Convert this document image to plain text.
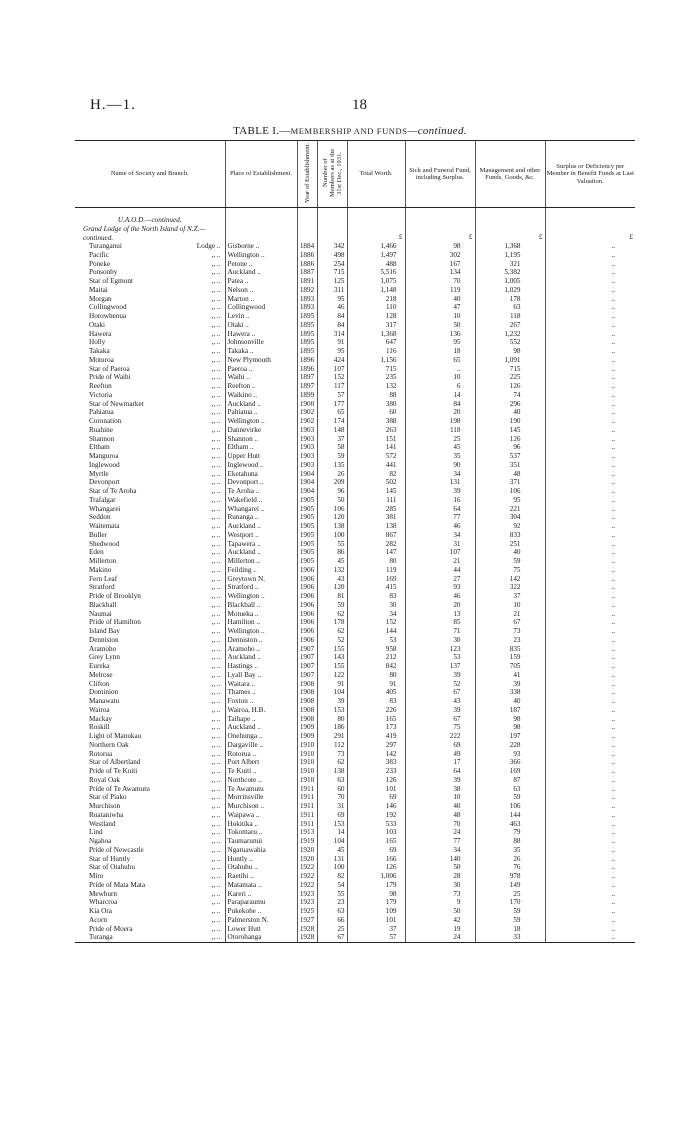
H.—1.	18
TABLE I.—MEMBERSHIP AND FUNDS—continued.
Name of Society and Branch.	Place of Establishment.	Year of Establishment.	Number of Members as at the 31st Dec., 1931.	Total Worth.	Sick and Funeral Fund, including Surplus.	Management and other Funds, Goods, &c.	Surplus or Deficiency per Member in Benefit Funds at Last Valuation.
U.A.O.D.—continued.							
Grand Lodge of the North Island of N.Z.—continued.				£	£	£	£

Turanganui Lodge ..	Gisborne ..	1884	342	1,466	98	1,368	..

Pacific ,, ..	Wellington ..	1886	498	1,497	302	1,195	..

Poneke ,, ..	Petone ..	1886	254	488	167	321	..

Ponsonby ,, ..	Auckland ..	1887	715	5,516	134	5,382	..

Star of Egmont ,, ..	Patea ..	1891	125	1,075	70	1,005	..

Maitai ,, ..	Nelson ..	1892	311	1,148	119	1,029	..

Morgan ,, ..	Marton ..	1893	95	218	40	178	..

Collingwood ,, ..	Collingwood	1893	46	110	47	63	..

Horowhenua ,, ..	Levin ..	1895	84	128	10	118	..

Otaki ,, ..	Otaki ..	1895	84	317	50	267	..

Hawera ,, ..	Hawera ..	1895	314	1,368	136	1,232	..

Holly ,, ..	Johnsonville	1895	91	647	95	552	..

Takaka ,, ..	Takaka ..	1895	95	116	18	98	..

Moturoa ,, ..	New Plymouth	1896	424	1,156	65	1,091	..

Star of Paeroa ,, ..	Paeroa ..	1896	107	715	..	715	..

Pride of Waihi ,, ..	Waihi ..	1897	152	235	10	225	..

Reefton ,, ..	Reefton ..	1897	117	132	6	126	..

Victoria ,, ..	Waikino ..	1899	57	88	14	74	..

Star of Newmarket ,, ..	Auckland ..	1900	177	380	84	296	..

Pahiatua ,, ..	Pahiatua ..	1902	65	60	20	40	..

Coronation ,, ..	Wellington ..	1902	174	388	198	190	..

Ruahine ,, ..	Dannevirke	1903	148	263	118	145	..

Shannon ,, ..	Shannon ..	1903	37	151	25	126	..

Eltham ,, ..	Eltham ..	1903	58	141	45	96	..

Manguroa ,, ..	Upper Hutt	1903	59	572	35	537	..

Inglewood ,, ..	Inglewood ..	1903	135	441	90	351	..

Myrtle ,, ..	Eketahuna	1904	26	82	34	48	..

Devonport ,, ..	Devonport ..	1904	209	502	131	371	..

Star of Te Aroha ,, ..	Te Aroha ..	1904	96	145	39	106	..

Trafalgar ,, ..	Wakefield ..	1905	50	111	16	95	..

Whangarei ,, ..	Whangarei ..	1905	106	285	64	221	..

Seddon ,, ..	Runanga ..	1905	120	381	77	304	..

Waitemata ,, ..	Auckland ..	1905	138	138	46	92	..

Buller ,, ..	Westport ..	1905	100	867	34	833	..

Shedwood ,, ..	Tapawera ..	1905	55	282	31	251	..

Eden ,, ..	Auckland ..	1905	86	147	107	40	..

Millerton ,, ..	Millerton ..	1905	45	80	21	59	..

Makino ,, ..	Feilding ..	1906	132	119	44	75	..

Fern Leaf ,, ..	Greytown N.	1906	43	169	27	142	..

Stratford ,, ..	Stratford ..	1906	120	415	93	322	..

Pride of Brooklyn ,, ..	Wellington ..	1906	81	83	46	37	..

Blackball ,, ..	Blackball ..	1906	59	30	20	10	..

Naumai ,, ..	Motueka ..	1906	62	34	13	21	..

Pride of Hamilton ,, ..	Hamilton ..	1906	178	152	85	67	..

Island Bay ,, ..	Wellington ..	1906	62	144	71	73	..

Denniston ,, ..	Denniston ..	1906	52	53	30	23	..

Aramoho ,, ..	Aramoho ..	1907	155	958	123	835	..

Grey Lynn ,, ..	Auckland ..	1907	143	212	53	159	..

Eureka ,, ..	Hastings ..	1907	155	842	137	705	..

Melrose ,, ..	Lyall Bay ..	1907	122	80	39	41	..

Clifton ,, ..	Waitara ..	1908	91	91	52	39	..

Dominion ,, ..	Thames ..	1908	104	405	67	338	..

Manawatu ,, ..	Foxton ..	1908	39	83	43	40	..

Wairoa ,, ..	Wairoa, H.B.	1908	153	226	39	187	..

Mackay ,, ..	Taihape ..	1908	80	165	67	98	..

Roskill ,, ..	Auckland ..	1909	186	173	75	98	..

Light of Manukau ,, ..	Onehunga ..	1909	291	419	222	197	..

Northern Oak ,, ..	Dargaville ..	1910	112	297	69	228	..

Rotorua ,, ..	Rotorua ..	1910	73	142	49	93	..

Star of Albertland ,, ..	Port Albert	1910	62	383	17	366	..

Pride of Te Kuiti ,, ..	Te Kuiti ..	1910	138	233	64	169	..

Royal Oak ,, ..	Northcote ..	1910	63	126	39	87	..

Pride of Te Awamutu ,, ..	Te Awamutu	1911	60	101	38	63	..

Star of Piako ,, ..	Morrinsville	1911	70	69	10	59	..

Murchison ,, ..	Murchison ..	1911	31	146	40	106	..

Ruataniwha ,, ..	Waipawa ..	1911	69	192	48	144	..

Westland ,, ..	Hokitika ..	1911	153	533	70	463	..

Lind ,, ..	Tokomaru ..	1913	14	103	24	79	..

Ngahoa ,, ..	Taumarunui	1919	104	165	77	88	..

Pride of Newcastle ,, ..	Ngaruawahia	1920	45	69	34	35	..

Star of Huntly ,, ..	Huntly ..	1920	131	166	140	26	..

Star of Otahuhu ,, ..	Otahuhu ..	1922	100	126	50	76	..

Miro ,, ..	Raetihi ..	1922	82	1,006	28	978	..

Pride of Mata Mata ,, ..	Matamata ..	1922	54	179	30	149	..

Mewburn ,, ..	Kareri ..	1923	55	98	73	25	..

Wharcroa ,, ..	Paraparaumu	1923	23	179	9	170	..

Kia Ora ,, ..	Pukekohe ..	1925	63	109	50	59	..

Acorn ,, ..	Palmerston N.	1927	66	101	42	59	..

Pride of Moera ,, ..	Lower Hutt	1928	25	37	19	18	..

Turanga ,, ..	Otorohanga	1928	67	57	24	33	..
